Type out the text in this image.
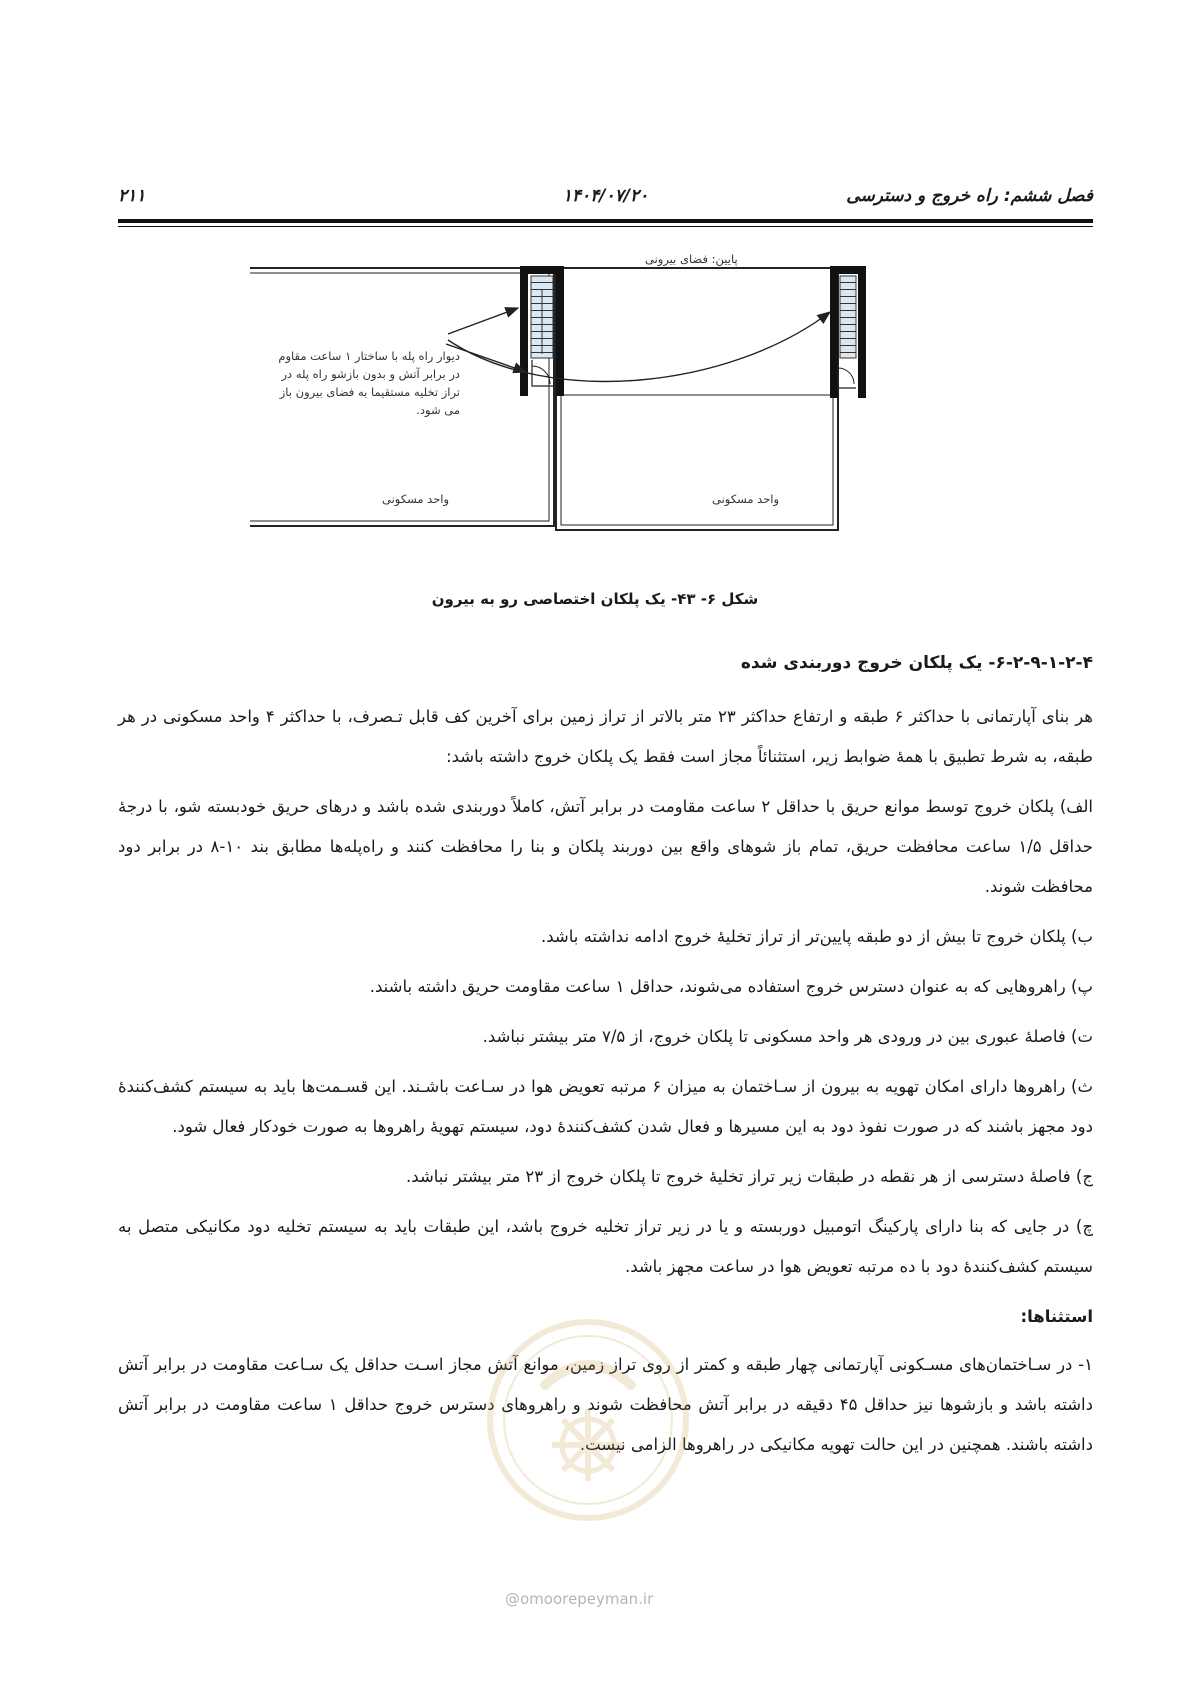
فصل ششم: راه خروج و دسترسی
۱۴۰۴/۰۷/۲۰
۲۱۱
پایین: فضای بیرونی
دیوار راه پله با ساختار ۱ ساعت مقاوم در برابر آتش و بدون بازشو راه پله در تراز تخلیه مستقیما به فضای بیرون باز می شود.
واحد مسکونی	واحد مسکونی
شکل ۶- ۴۳- یک پلکان اختصاصی رو به بیرون

۶-۲-۹-۱-۲-۴- یک پلکان خروج دوربندی شده

هر بنای آپارتمانی با حداکثر ۶ طبقه و ارتفاع حداکثر ۲۳ متر بالاتر از تراز زمین برای آخرین کف قابل تـصرف، با حداکثر ۴ واحد مسکونی در هر طبقه، به شرط تطبیق با همهٔ ضوابط زیر، استثنائاً مجاز است فقط یک پلکان خروج داشته باشد:

الف) پلکان خروج توسط موانع حریق با حداقل ۲ ساعت مقاومت در برابر آتش، کاملاً دوربندی شده باشد و درهای حریق خودبسته شو، با درجهٔ حداقل ۱/۵ ساعت محافظت حریق، تمام باز شوهای واقع بین دوربند پلکان و بنا را محافظت کنند و راه‌پله‌ها مطابق بند ۱۰-۸ در برابر دود محافظت شوند.

ب) پلکان خروج تا بیش از دو طبقه پایین‌تر از تراز تخلیهٔ خروج ادامه نداشته باشد.

پ) راهروهایی که به عنوان دسترس خروج استفاده می‌شوند، حداقل ۱ ساعت مقاومت حریق داشته باشند.

ت) فاصلهٔ عبوری بین در ورودی هر واحد مسکونی تا پلکان خروج، از ۷/۵ متر بیشتر نباشد.

ث) راهروها دارای امکان تهویه به بیرون از سـاختمان به میزان ۶ مرتبه تعویض هوا در سـاعت باشـند. این قسـمت‌ها باید به سیستم کشف‌کنندهٔ دود مجهز باشند که در صورت نفوذ دود به این مسیرها و فعال شدن کشف‌کنندهٔ دود، سیستم تهویهٔ راهروها به صورت خودکار فعال شود.

ج) فاصلهٔ دسترسی از هر نقطه در طبقات زیر تراز تخلیهٔ خروج تا پلکان خروج از ۲۳ متر بیشتر نباشد.

چ) در جایی که بنا دارای پارکینگ اتومبیل دوربسته و یا در زیر تراز تخلیه خروج باشد، این طبقات باید به سیستم تخلیه دود مکانیکی متصل به سیستم کشف‌کنندهٔ دود با ده مرتبه تعویض هوا در ساعت مجهز باشد.

استثناها:

۱- در سـاختمان‌های مسـکونی آپارتمانی چهار طبقه و کمتر از روی تراز زمین، موانع آتش مجاز اسـت حداقل یک سـاعت مقاومت در برابر آتش داشته باشد و بازشوها نیز حداقل ۴۵ دقیقه در برابر آتش محافظت شوند و راهروهای دسترس خروج حداقل ۱ ساعت مقاومت در برابر آتش داشته باشند. همچنین در این حالت تهویه مکانیکی در راهروها الزامی نیست.

@omoorepeyman.ir
